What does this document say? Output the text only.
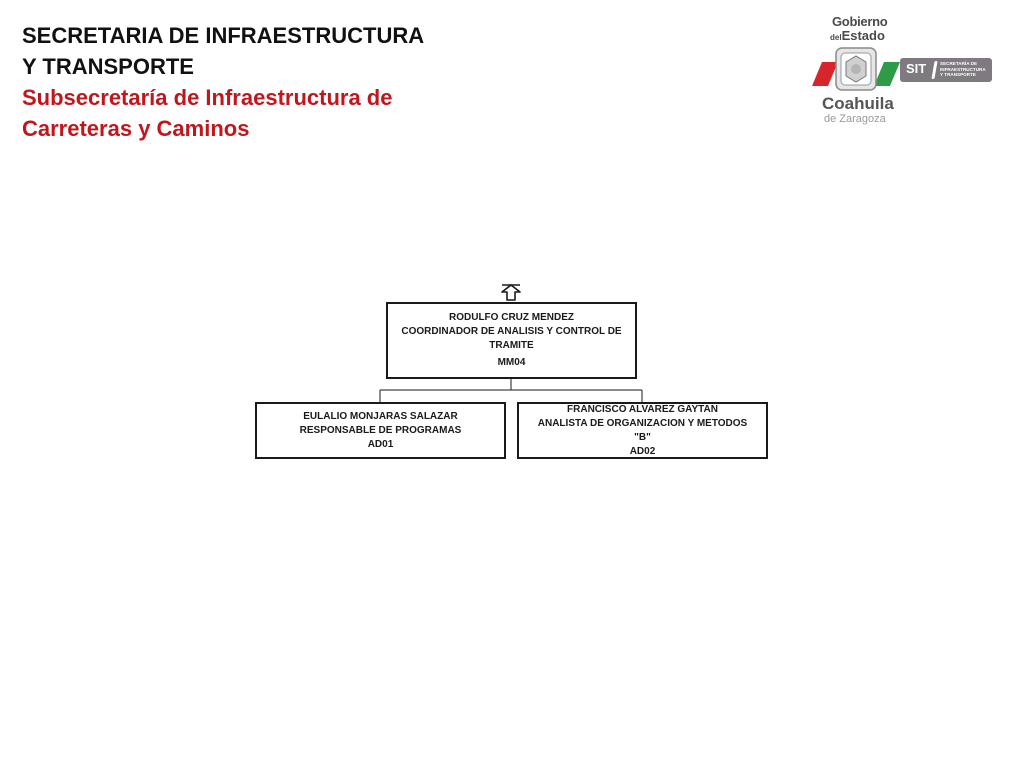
SECRETARIA DE INFRAESTRUCTURA
Y TRANSPORTE
Subsecretaría de Infraestructura de
Carreteras y Caminos
Gobierno
delEstado
SIT	SECRETARÍA DE
INFRAESTRUCTURA
Y TRANSPORTE
Coahuila
de Zaragoza
RODULFO CRUZ MENDEZ
COORDINADOR DE ANALISIS Y CONTROL DE TRAMITE
MM04
EULALIO MONJARAS SALAZAR
RESPONSABLE DE PROGRAMAS
AD01
FRANCISCO ALVAREZ GAYTAN
ANALISTA DE ORGANIZACION Y METODOS "B"
AD02
